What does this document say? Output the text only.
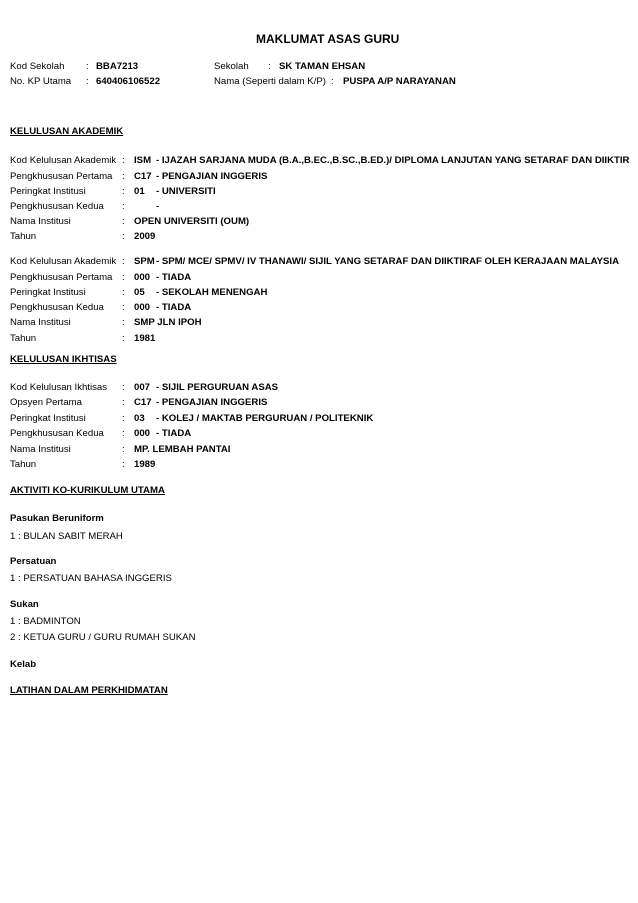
MAKLUMAT ASAS GURU
Kod Sekolah : BBA7213	Sekolah : SK TAMAN EHSAN
No. KP Utama : 640406106522	Nama (Seperti dalam K/P) : PUSPA A/P NARAYANAN
KELULUSAN AKADEMIK
Kod Kelulusan Akademik : ISM - IJAZAH SARJANA MUDA (B.A.,B.EC.,B.SC.,B.ED.)/ DIPLOMA LANJUTAN YANG SETARAF DAN DIIKTIR
Pengkhususan Pertama : C17 - PENGAJIAN INGGERIS
Peringkat Institusi	: 01 - UNIVERSITI
Pengkhususan Kedua :	-
Nama Institusi	: OPEN UNIVERSITI (OUM)
Tahun	: 2009
Kod Kelulusan Akademik : SPM - SPM/ MCE/ SPMV/ IV THANAWI/ SIJIL YANG SETARAF DAN DIIKTIRAF OLEH KERAJAAN MALAYSIA
Pengkhususan Pertama : 000 - TIADA
Peringkat Institusi	: 05 - SEKOLAH MENENGAH
Pengkhususan Kedua : 000 - TIADA
Nama Institusi	: SMP JLN IPOH
Tahun	: 1981
KELULUSAN IKHTISAS
Kod Kelulusan Ikhtisas : 007 - SIJIL PERGURUAN ASAS
Opsyen Pertama	: C17 - PENGAJIAN INGGERIS
Peringkat Institusi	: 03 - KOLEJ / MAKTAB PERGURUAN / POLITEKNIK
Pengkhususan Kedua : 000 - TIADA
Nama Institusi	: MP. LEMBAH PANTAI
Tahun	: 1989
AKTIVITI KO-KURIKULUM UTAMA
Pasukan Beruniform
1 : BULAN SABIT MERAH
Persatuan
1 : PERSATUAN BAHASA INGGERIS
Sukan
1 : BADMINTON
2 : KETUA GURU / GURU RUMAH SUKAN
Kelab
LATIHAN DALAM PERKHIDMATAN
